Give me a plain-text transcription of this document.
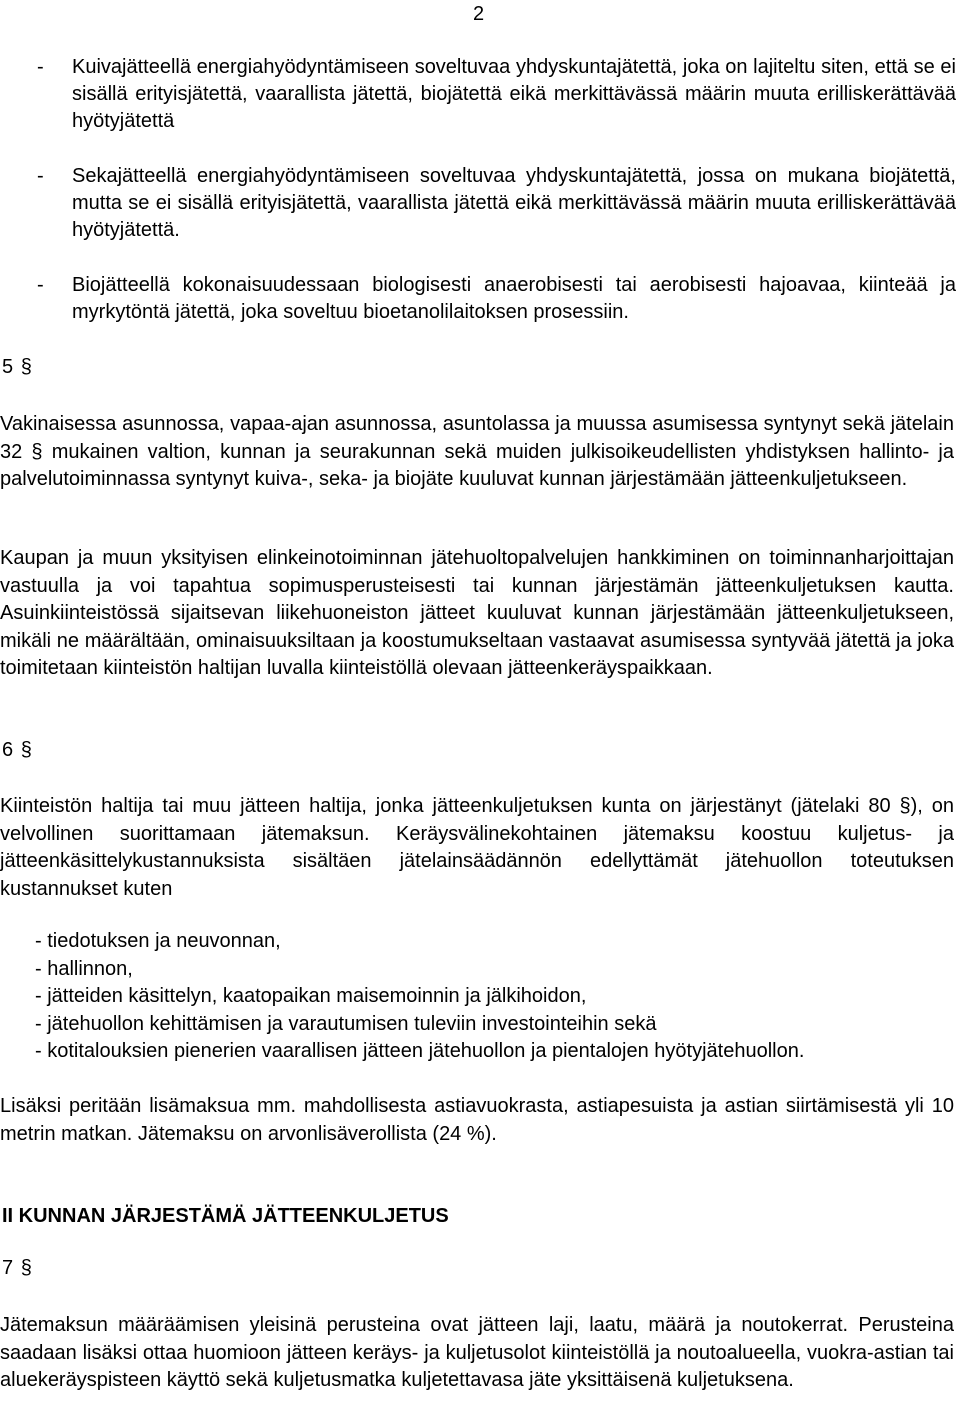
2
- Kuivajätteellä energiahyödyntämiseen soveltuvaa yhdyskuntajätettä, joka on lajiteltu siten, että se ei sisällä erityisjätettä, vaarallista jätettä, biojätettä eikä merkittävässä määrin muuta erilliskerättävää hyötyjätettä
- Sekajätteellä energiahyödyntämiseen soveltuvaa yhdyskuntajätettä, jossa on mukana biojätettä, mutta se ei sisällä erityisjätettä, vaarallista jätettä eikä merkittävässä määrin muuta erilliskerättävää hyötyjätettä.
- Biojätteellä kokonaisuudessaan biologisesti anaerobisesti tai aerobisesti hajoavaa, kiinteää ja myrkytöntä jätettä, joka soveltuu bioetanolilaitoksen prosessiin.
5 §
Vakinaisessa asunnossa, vapaa-ajan asunnossa, asuntolassa ja muussa asumisessa syntynyt sekä jätelain 32 § mukainen valtion, kunnan ja seurakunnan sekä muiden julkisoikeudellisten yhdistyksen hallinto- ja palvelutoiminnassa syntynyt kuiva-, seka- ja biojäte kuuluvat kunnan järjestämään jätteenkuljetukseen.
Kaupan ja muun yksityisen elinkeinotoiminnan jätehuoltopalvelujen hankkiminen on toiminnanharjoittajan vastuulla ja voi tapahtua sopimusperusteisesti tai kunnan järjestämän jätteenkuljetuksen kautta. Asuinkiinteistössä sijaitsevan liikehuoneiston jätteet kuuluvat kunnan järjestämään jätteenkuljetukseen, mikäli ne määrältään, ominaisuuksiltaan ja koostumukseltaan vastaavat asumisessa syntyvää jätettä ja joka toimitetaan kiinteistön haltijan luvalla kiinteistöllä olevaan jätteenkeräyspaikkaan.
6 §
Kiinteistön haltija tai muu jätteen haltija, jonka jätteenkuljetuksen kunta on järjestänyt (jätelaki 80 §), on velvollinen suorittamaan jätemaksun. Keräysvälinekohtainen jätemaksu koostuu kuljetus- ja jätteenkäsittelykustannuksista sisältäen jätelainsäädännön edellyttämät jätehuollon toteutuksen kustannukset kuten
- tiedotuksen ja neuvonnan,
- hallinnon,
- jätteiden käsittelyn, kaatopaikan maisemoinnin ja jälkihoidon,
- jätehuollon kehittämisen ja varautumisen tuleviin investointeihin sekä
- kotitalouksien pienerien vaarallisen jätteen jätehuollon ja pientalojen hyötyjätehuollon.
Lisäksi peritään lisämaksua mm. mahdollisesta astiavuokrasta, astiapesuista ja astian siirtämisestä yli 10 metrin matkan. Jätemaksu on arvonlisäverollista (24 %).
II KUNNAN JÄRJESTÄMÄ JÄTTEENKULJETUS
7 §
Jätemaksun määräämisen yleisinä perusteina ovat jätteen laji, laatu, määrä ja noutokerrat. Perusteina saadaan lisäksi ottaa huomioon jätteen keräys- ja kuljetusolot kiinteistöllä ja noutoalueella, vuokra-astian tai aluekeräyspisteen käyttö sekä kuljetusmatka kuljetettavasa jäte yksittäisenä kuljetuksena.
